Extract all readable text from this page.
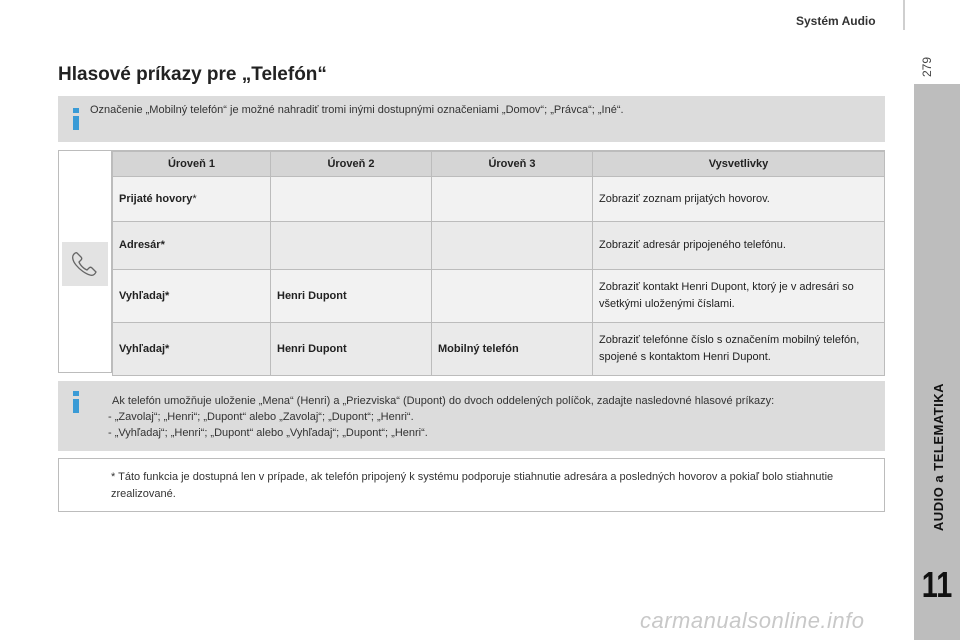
Systém Audio
279
AUDIO a TELEMATIKA
11
Hlasové príkazy pre „Telefón“
Označenie „Mobilný telefón“ je možné nahradiť tromi inými dostupnými označeniami „Domov“; „Právca“; „Iné“.
Úroveň 1	Úroveň 2	Úroveň 3	Vysvetlivky
Prijaté hovory*			Zobraziť zoznam prijatých hovorov.
Adresár*			Zobraziť adresár pripojeného telefónu.
Vyhľadaj*	Henri Dupont		Zobraziť kontakt Henri Dupont, ktorý je v adresári so všetkými uloženými číslami.
Vyhľadaj*	Henri Dupont	Mobilný telefón	Zobraziť telefónne číslo s označením mobilný telefón, spojené s kontaktom Henri Dupont.
Ak telefón umožňuje uloženie „Mena“ (Henri) a „Priezviska“ (Dupont) do dvoch oddelených políčok, zadajte nasledovné hlasové príkazy:
- „Zavolaj“; „Henri“; „Dupont“ alebo „Zavolaj“; „Dupont“; „Henri“.
- „Vyhľadaj“; „Henri“; „Dupont“ alebo „Vyhľadaj“; „Dupont“; „Henri“.
* Táto funkcia je dostupná len v prípade, ak telefón pripojený k systému podporuje stiahnutie adresára a posledných hovorov a pokiaľ bolo stiahnutie zrealizované.
carmanualsonline.info
